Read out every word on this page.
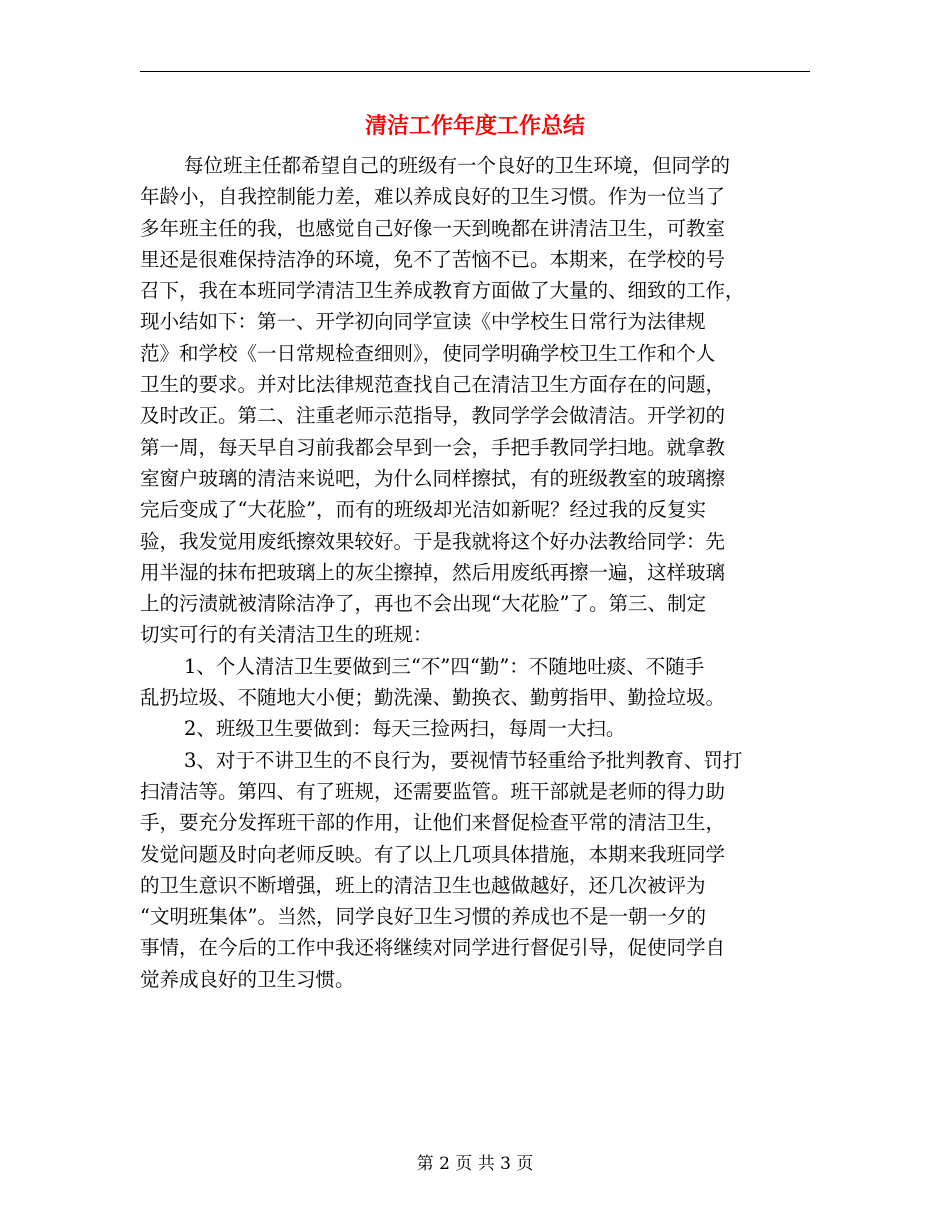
清洁工作年度工作总结
每位班主任都希望自己的班级有一个良好的卫生环境，但同学的
年龄小，自我控制能力差，难以养成良好的卫生习惯。作为一位当了
多年班主任的我，也感觉自己好像一天到晚都在讲清洁卫生，可教室
里还是很难保持洁净的环境，免不了苦恼不已。本期来，在学校的号
召下，我在本班同学清洁卫生养成教育方面做了大量的、细致的工作，
现小结如下：第一、开学初向同学宣读《中学校生日常行为法律规
范》和学校《一日常规检查细则》，使同学明确学校卫生工作和个人
卫生的要求。并对比法律规范查找自己在清洁卫生方面存在的问题，
及时改正。第二、注重老师示范指导，教同学学会做清洁。开学初的
第一周，每天早自习前我都会早到一会，手把手教同学扫地。就拿教
室窗户玻璃的清洁来说吧，为什么同样擦拭，有的班级教室的玻璃擦
完后变成了“大花脸”，而有的班级却光洁如新呢？经过我的反复实
验，我发觉用废纸擦效果较好。于是我就将这个好办法教给同学：先
用半湿的抹布把玻璃上的灰尘擦掉，然后用废纸再擦一遍，这样玻璃
上的污渍就被清除洁净了，再也不会出现“大花脸”了。第三、制定
切实可行的有关清洁卫生的班规：
1、个人清洁卫生要做到三“不”四“勤”：不随地吐痰、不随手
乱扔垃圾、不随地大小便；勤洗澡、勤换衣、勤剪指甲、勤捡垃圾。
2、班级卫生要做到：每天三捡两扫，每周一大扫。
3、对于不讲卫生的不良行为，要视情节轻重给予批判教育、罚打
扫清洁等。第四、有了班规，还需要监管。班干部就是老师的得力助
手，要充分发挥班干部的作用，让他们来督促检查平常的清洁卫生，
发觉问题及时向老师反映。有了以上几项具体措施，本期来我班同学
的卫生意识不断增强，班上的清洁卫生也越做越好，还几次被评为
“文明班集体”。当然，同学良好卫生习惯的养成也不是一朝一夕的
事情，在今后的工作中我还将继续对同学进行督促引导，促使同学自
觉养成良好的卫生习惯。
第 2 页 共 3 页
